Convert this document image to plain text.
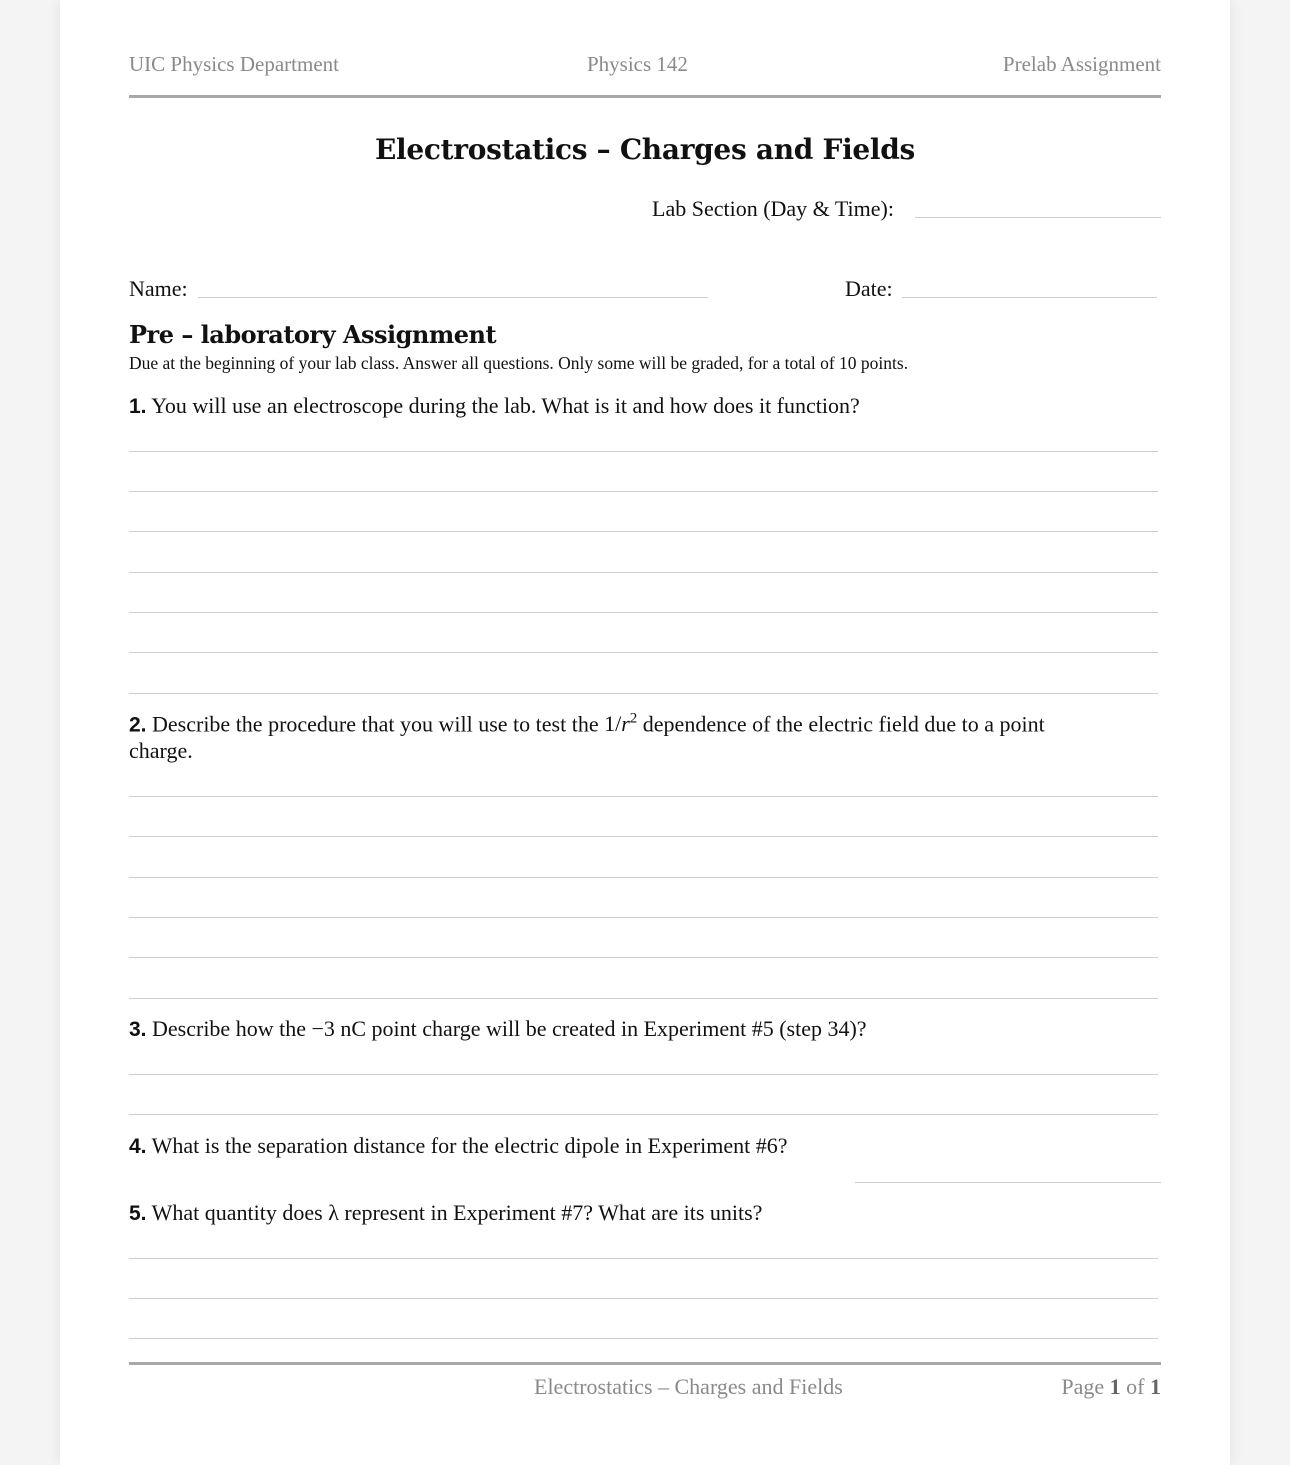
UIC Physics Department	Physics 142	Prelab Assignment
Electrostatics – Charges and Fields
Lab Section (Day & Time):
Name:	Date:
Pre – laboratory Assignment
Due at the beginning of your lab class. Answer all questions. Only some will be graded, for a total of 10 points.
1. You will use an electroscope during the lab. What is it and how does it function?
2. Describe the procedure that you will use to test the $1/r^2$ dependence of the electric field due to a point
charge.
3. Describe how the −3 nC point charge will be created in Experiment #5 (step 34)?
4. What is the separation distance for the electric dipole in Experiment #6?
5. What quantity does λ represent in Experiment #7? What are its units?
Electrostatics – Charges and Fields	Page 1 of 1
